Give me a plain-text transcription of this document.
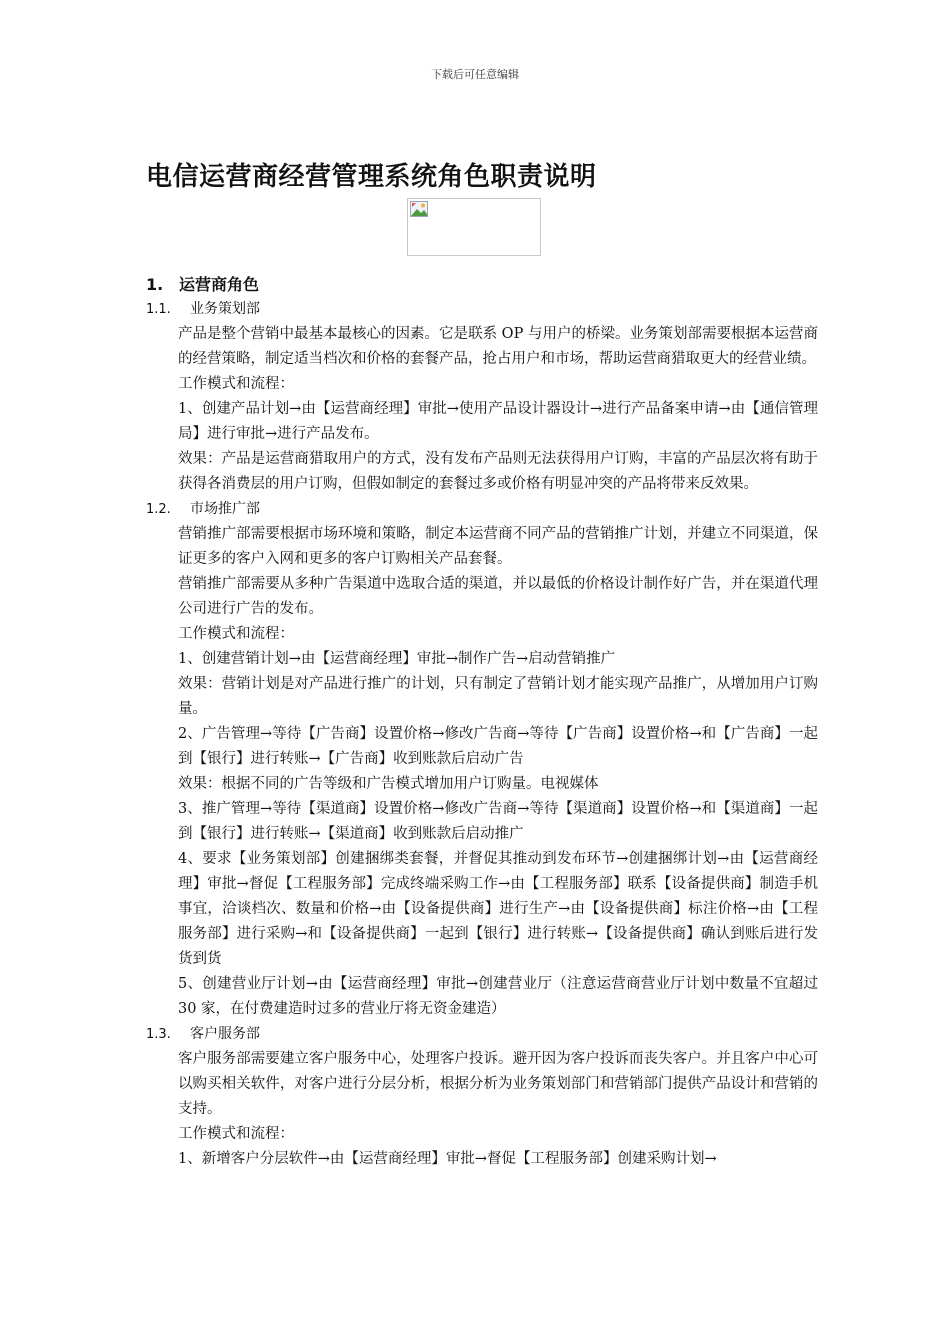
下载后可任意编辑
电信运营商经营管理系统角色职责说明
1. 运营商角色
1.1. 业务策划部
产品是整个营销中最基本最核心的因素。它是联系 OP 与用户的桥梁。业务策划部需要根据本运营商的经营策略，制定适当档次和价格的套餐产品，抢占用户和市场，帮助运营商猎取更大的经营业绩。
工作模式和流程：
1、创建产品计划→由【运营商经理】审批→使用产品设计器设计→进行产品备案申请→由【通信管理局】进行审批→进行产品发布。
效果：产品是运营商猎取用户的方式，没有发布产品则无法获得用户订购，丰富的产品层次将有助于获得各消费层的用户订购，但假如制定的套餐过多或价格有明显冲突的产品将带来反效果。
1.2. 市场推广部
营销推广部需要根据市场环境和策略，制定本运营商不同产品的营销推广计划，并建立不同渠道，保证更多的客户入网和更多的客户订购相关产品套餐。
营销推广部需要从多种广告渠道中选取合适的渠道，并以最低的价格设计制作好广告，并在渠道代理公司进行广告的发布。
工作模式和流程：
1、创建营销计划→由【运营商经理】审批→制作广告→启动营销推广
效果：营销计划是对产品进行推广的计划，只有制定了营销计划才能实现产品推广，从增加用户订购量。
2、广告管理→等待【广告商】设置价格→修改广告商→等待【广告商】设置价格→和【广告商】一起到【银行】进行转账→【广告商】收到账款后启动广告
效果：根据不同的广告等级和广告模式增加用户订购量。电视媒体
3、推广管理→等待【渠道商】设置价格→修改广告商→等待【渠道商】设置价格→和【渠道商】一起到【银行】进行转账→【渠道商】收到账款后启动推广
4、要求【业务策划部】创建捆绑类套餐，并督促其推动到发布环节→创建捆绑计划→由【运营商经理】审批→督促【工程服务部】完成终端采购工作→由【工程服务部】联系【设备提供商】制造手机事宜，洽谈档次、数量和价格→由【设备提供商】进行生产→由【设备提供商】标注价格→由【工程服务部】进行采购→和【设备提供商】一起到【银行】进行转账→【设备提供商】确认到账后进行发货到货
5、创建营业厅计划→由【运营商经理】审批→创建营业厅（注意运营商营业厅计划中数量不宜超过 30 家，在付费建造时过多的营业厅将无资金建造）
1.3. 客户服务部
客户服务部需要建立客户服务中心，处理客户投诉。避开因为客户投诉而丧失客户。并且客户中心可以购买相关软件，对客户进行分层分析，根据分析为业务策划部门和营销部门提供产品设计和营销的支持。
工作模式和流程：
1、新增客户分层软件→由【运营商经理】审批→督促【工程服务部】创建采购计划→
